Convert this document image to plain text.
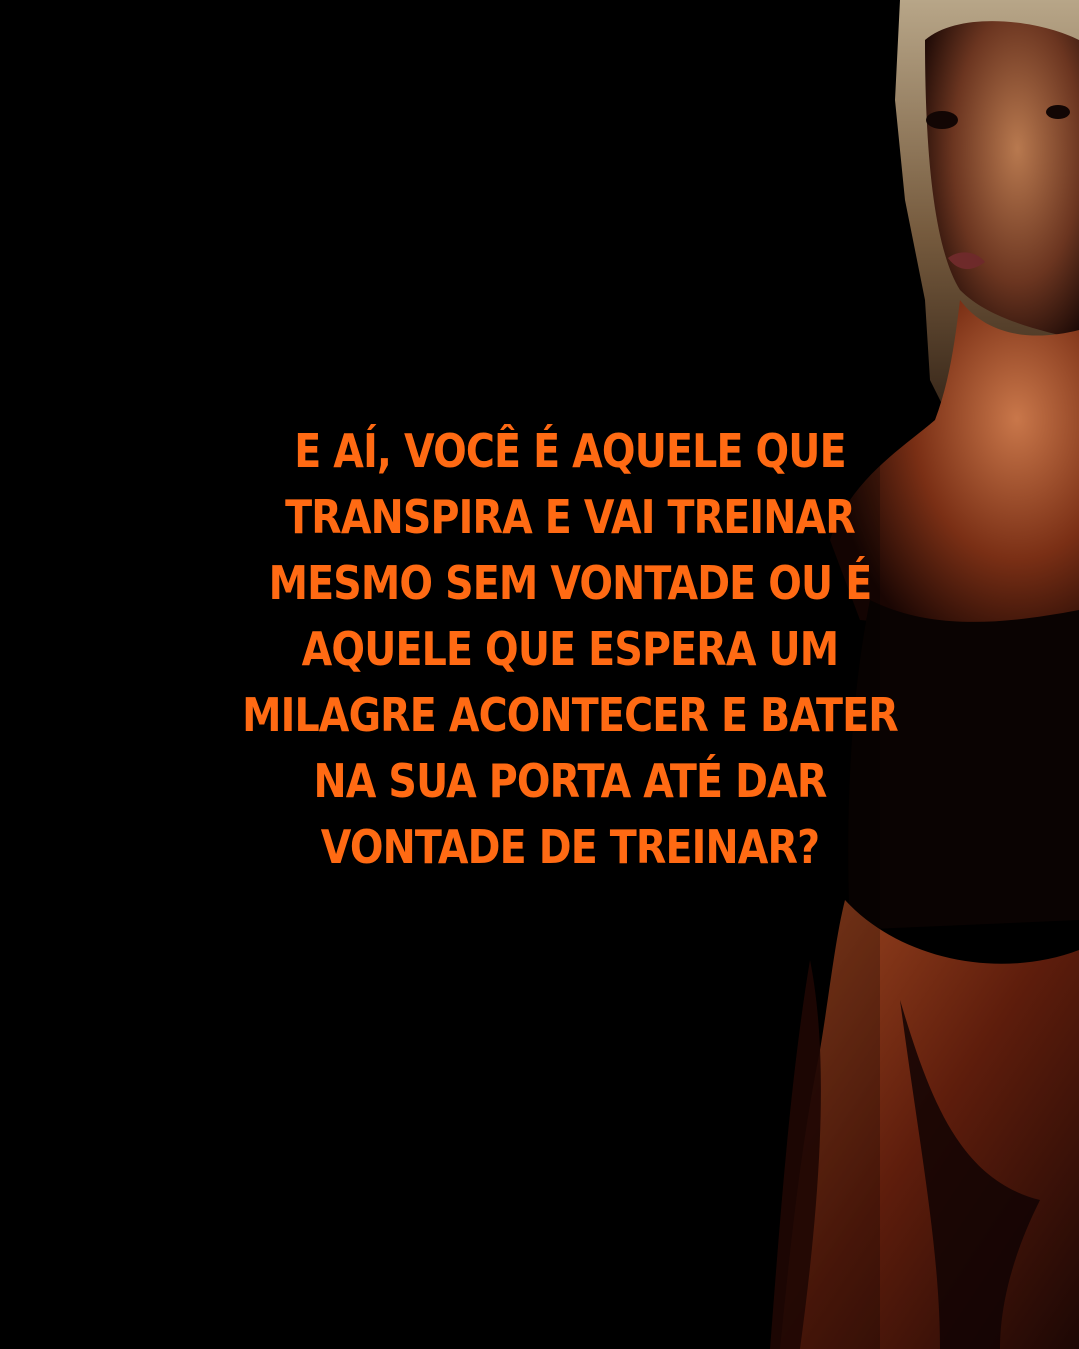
E AÍ, VOCÊ É AQUELE QUE
TRANSPIRA E VAI TREINAR
MESMO SEM VONTADE OU É
AQUELE QUE ESPERA UM
MILAGRE ACONTECER E BATER
NA SUA PORTA ATÉ DAR
VONTADE DE TREINAR?
